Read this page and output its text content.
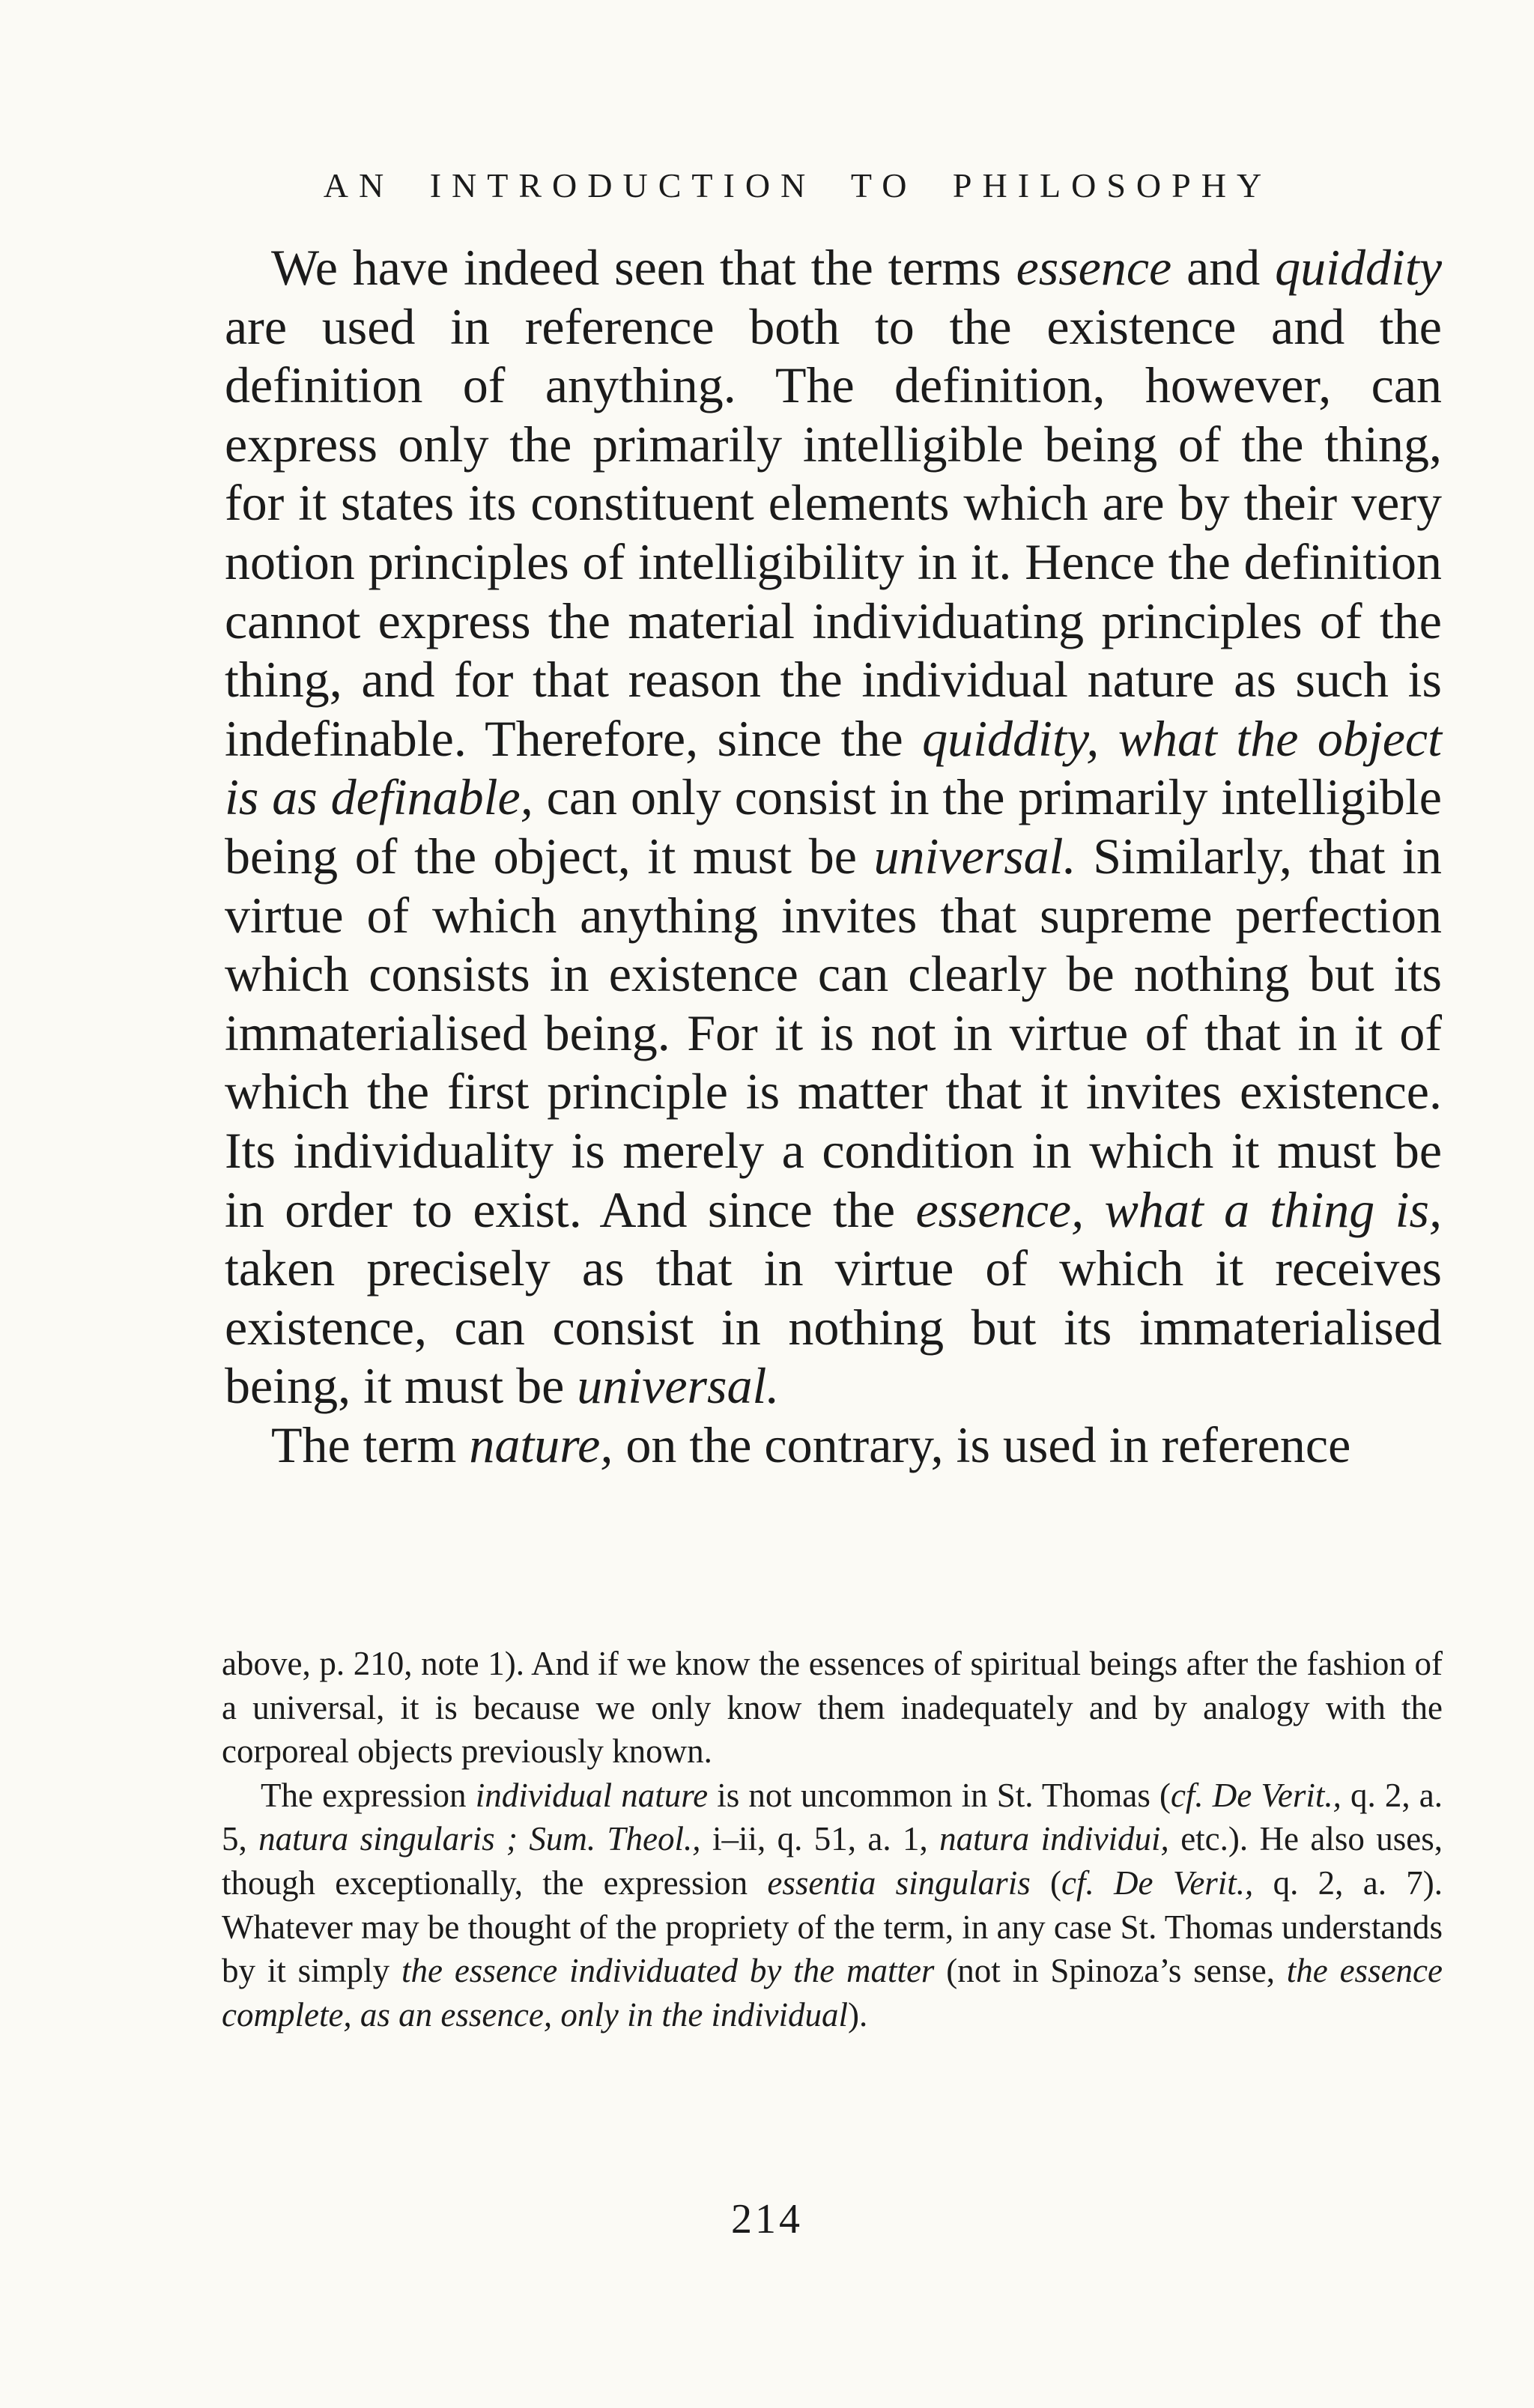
AN INTRODUCTION TO PHILOSOPHY

We have indeed seen that the terms essence and quiddity are used in reference both to the existence and the definition of anything. The definition, however, can express only the primarily intelligible being of the thing, for it states its constituent elements which are by their very notion principles of intelligibility in it. Hence the definition cannot express the material individuating principles of the thing, and for that reason the individual nature as such is indefinable. Therefore, since the quiddity, what the object is as definable, can only consist in the primarily intelligible being of the object, it must be universal. Similarly, that in virtue of which anything invites that supreme perfection which consists in existence can clearly be nothing but its immaterialised being. For it is not in virtue of that in it of which the first principle is matter that it invites existence. Its individuality is merely a condition in which it must be in order to exist. And since the essence, what a thing is, taken precisely as that in virtue of which it receives existence, can consist in nothing but its immaterialised being, it must be universal.

The term nature, on the contrary, is used in reference

above, p. 210, note 1). And if we know the essences of spiritual beings after the fashion of a universal, it is because we only know them inadequately and by analogy with the corporeal objects previously known.

The expression individual nature is not uncommon in St. Thomas (cf. De Verit., q. 2, a. 5, natura singularis ; Sum. Theol., i–ii, q. 51, a. 1, natura individui, etc.). He also uses, though exceptionally, the expression essentia singularis (cf. De Verit., q. 2, a. 7). Whatever may be thought of the propriety of the term, in any case St. Thomas understands by it simply the essence individuated by the matter (not in Spinoza’s sense, the essence complete, as an essence, only in the individual).

214
